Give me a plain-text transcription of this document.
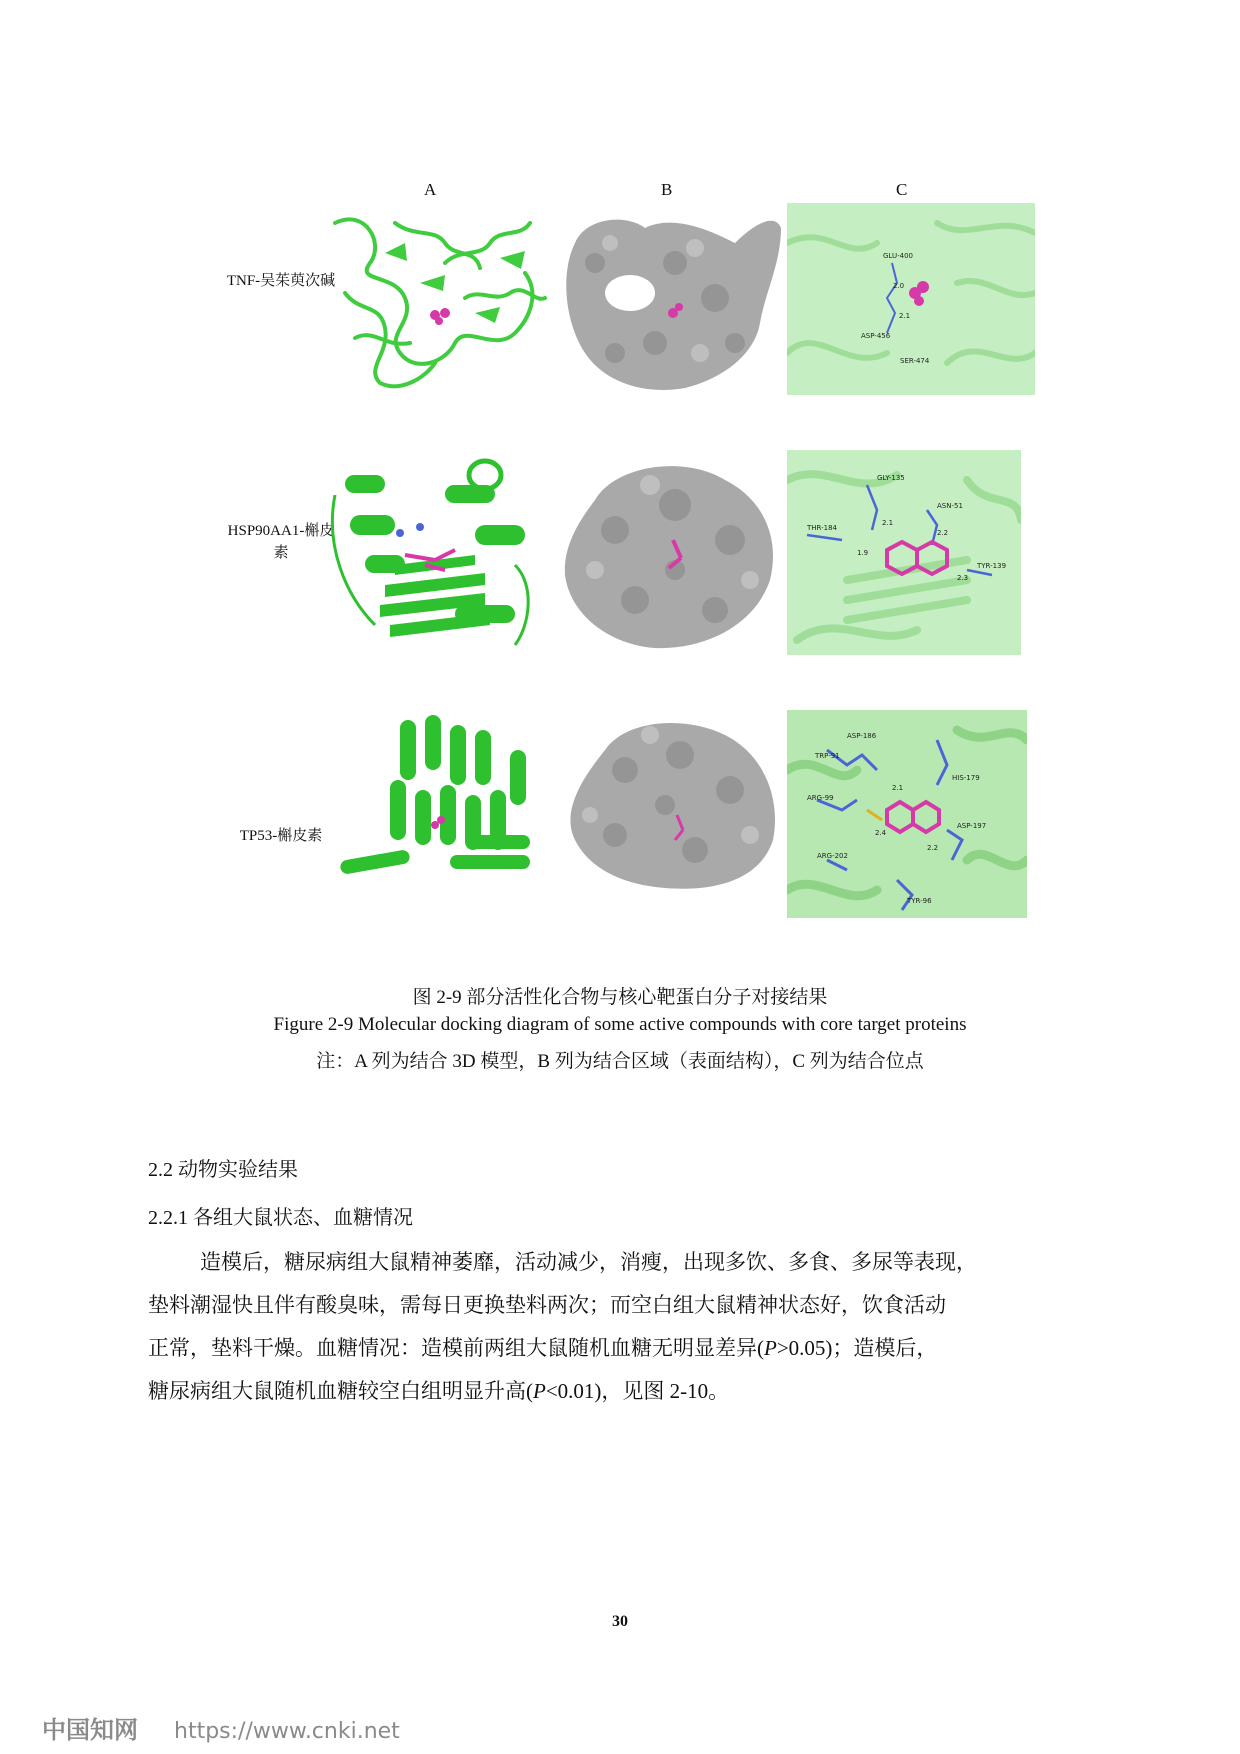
A	B	C
TNF-吴茱萸次碱
HSP90AA1-槲皮素
TP53-槲皮素
GLU-400
ASP-456
SER-474
2.0
2.1
GLY-135
ASN-51
THR-184
TYR-139
2.1
2.2
1.9
2.3
ASP-186
TRP-91
ARG-99
HIS-179
ASP-197
ARG-202
TYR-96
2.1
2.4
2.2
图 2-9 部分活性化合物与核心靶蛋白分子对接结果
Figure 2-9 Molecular docking diagram of some active compounds with core target proteins
注：A 列为结合 3D 模型，B 列为结合区域（表面结构），C 列为结合位点
2.2 动物实验结果
2.2.1 各组大鼠状态、血糖情况

造模后，糖尿病组大鼠精神萎靡，活动减少，消瘦，出现多饮、多食、多尿等表现，

垫料潮湿快且伴有酸臭味，需每日更换垫料两次；而空白组大鼠精神状态好，饮食活动

正常，垫料干燥。血糖情况：造模前两组大鼠随机血糖无明显差异(P>0.05)；造模后，

糖尿病组大鼠随机血糖较空白组明显升高(P<0.01)，见图 2-10。

30
中国知网 https://www.cnki.net
